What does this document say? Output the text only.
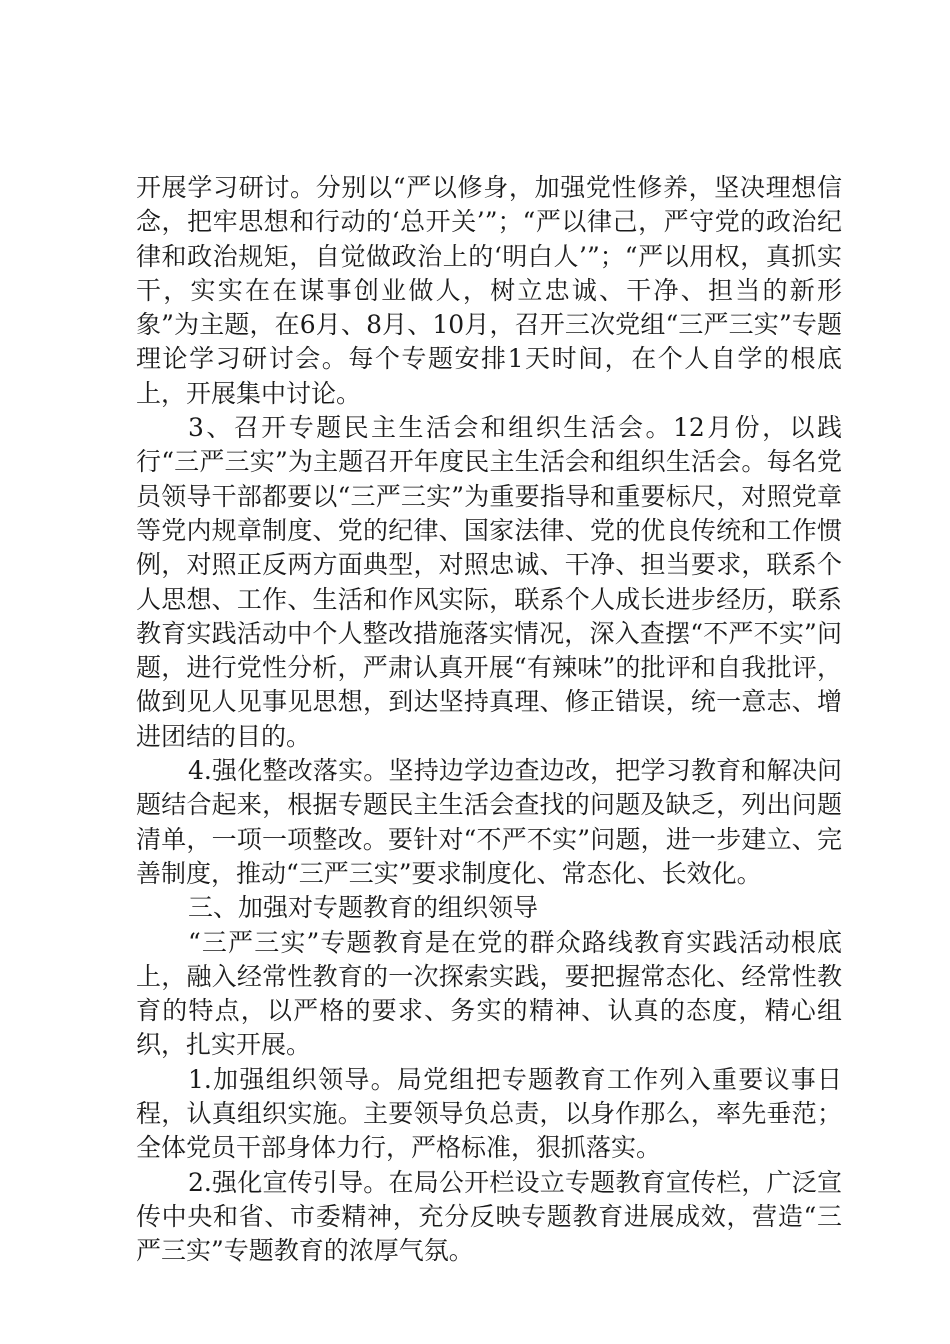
开展学习研讨。分别以“严以修身，加强党性修养，坚决理想信念，把牢思想和行动的‘总开关’”；“严以律己，严守党的政治纪律和政治规矩，自觉做政治上的‘明白人’”；“严以用权，真抓实干，实实在在谋事创业做人，树立忠诚、干净、担当的新形象”为主题，在6月、8月、10月，召开三次党组“三严三实”专题理论学习研讨会。每个专题安排1天时间，在个人自学的根底上，开展集中讨论。

3、召开专题民主生活会和组织生活会。12月份，以践行“三严三实”为主题召开年度民主生活会和组织生活会。每名党员领导干部都要以“三严三实”为重要指导和重要标尺，对照党章等党内规章制度、党的纪律、国家法律、党的优良传统和工作惯例，对照正反两方面典型，对照忠诚、干净、担当要求，联系个人思想、工作、生活和作风实际，联系个人成长进步经历，联系教育实践活动中个人整改措施落实情况，深入查摆“不严不实”问题，进行党性分析，严肃认真开展“有辣味”的批评和自我批评，做到见人见事见思想，到达坚持真理、修正错误，统一意志、增进团结的目的。

4.强化整改落实。坚持边学边查边改，把学习教育和解决问题结合起来，根据专题民主生活会查找的问题及缺乏，列出问题清单，一项一项整改。要针对“不严不实”问题，进一步建立、完善制度，推动“三严三实”要求制度化、常态化、长效化。

三、加强对专题教育的组织领导

“三严三实”专题教育是在党的群众路线教育实践活动根底上，融入经常性教育的一次探索实践，要把握常态化、经常性教育的特点，以严格的要求、务实的精神、认真的态度，精心组织，扎实开展。

1.加强组织领导。局党组把专题教育工作列入重要议事日程，认真组织实施。主要领导负总责，以身作那么，率先垂范；全体党员干部身体力行，严格标准，狠抓落实。

2.强化宣传引导。在局公开栏设立专题教育宣传栏，广泛宣传中央和省、市委精神，充分反映专题教育进展成效，营造“三严三实”专题教育的浓厚气氛。
